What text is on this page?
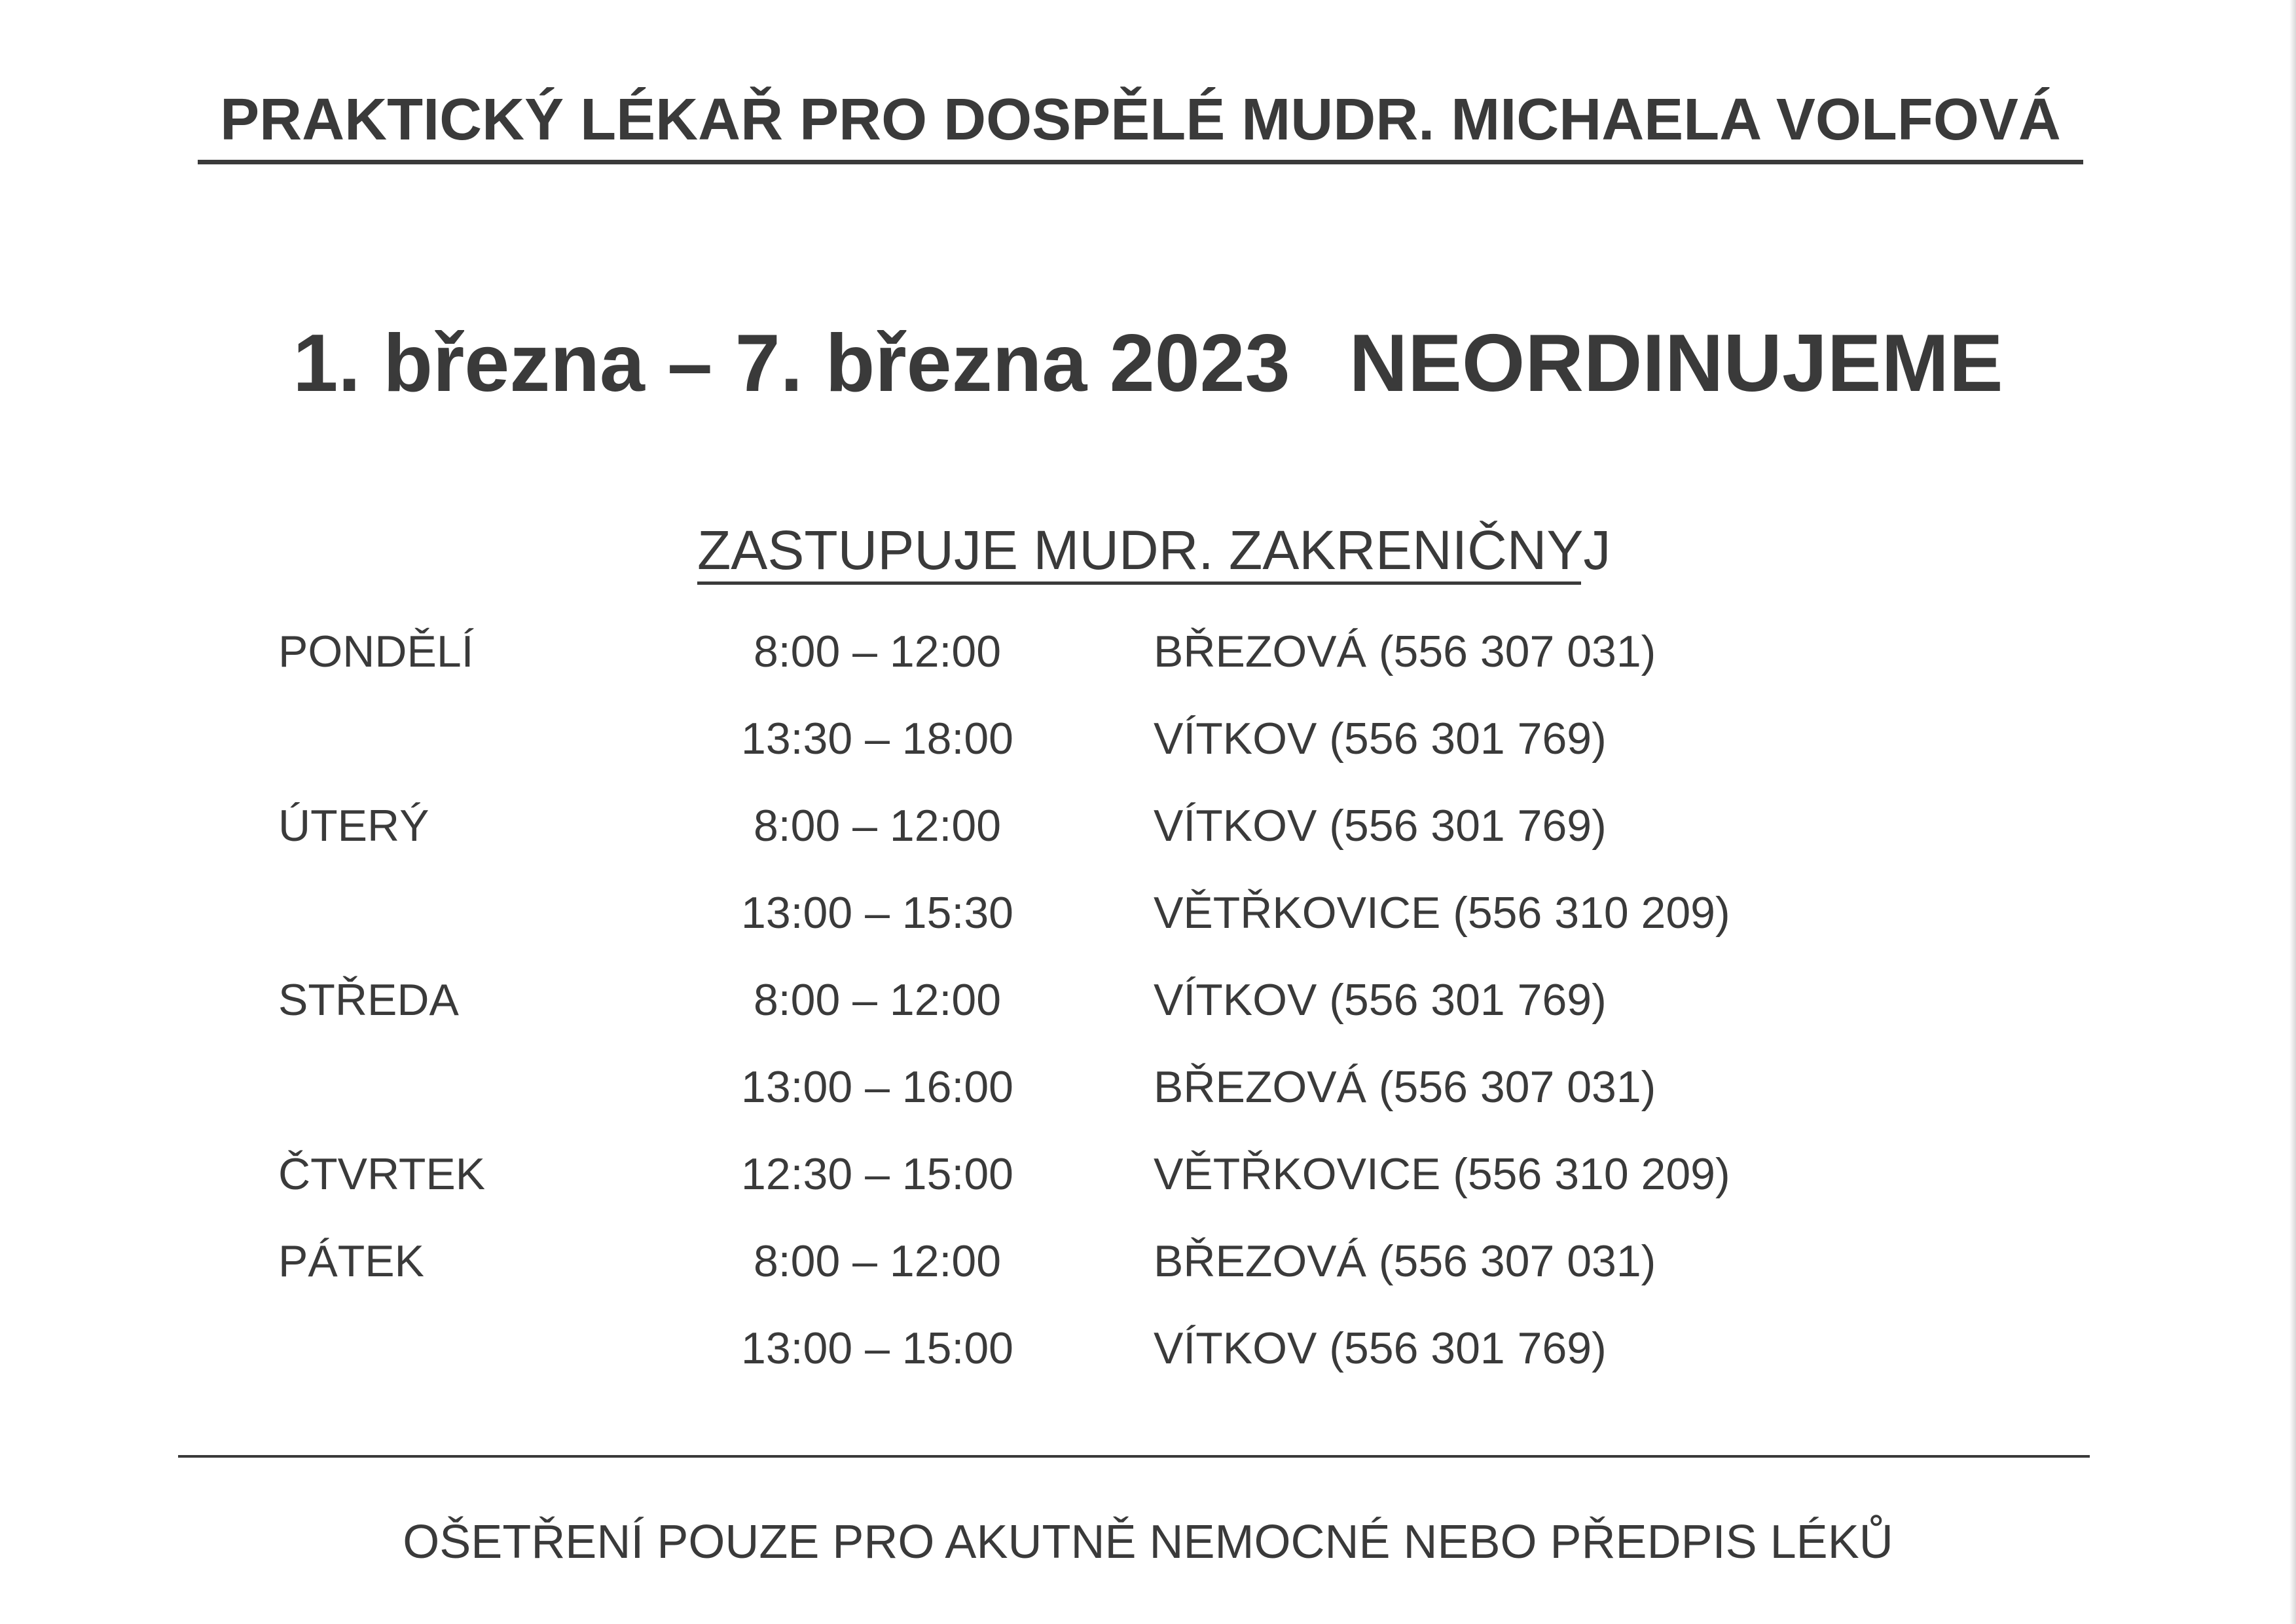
PRAKTICKÝ LÉKAŘ PRO DOSPĚLÉ MUDR. MICHAELA VOLFOVÁ
1. března – 7. března 2023 NEORDINUJEME
ZASTUPUJE MUDR. ZAKRENIČNYJ
PONDĚLÍ	8:00 – 12:00	BŘEZOVÁ (556 307 031)
13:30 – 18:00	VÍTKOV (556 301 769)
ÚTERÝ	8:00 – 12:00	VÍTKOV (556 301 769)
13:00 – 15:30	VĚTŘKOVICE (556 310 209)
STŘEDA	8:00 – 12:00	VÍTKOV (556 301 769)
13:00 – 16:00	BŘEZOVÁ (556 307 031)
ČTVRTEK	12:30 – 15:00	VĚTŘKOVICE (556 310 209)
PÁTEK	8:00 – 12:00	BŘEZOVÁ (556 307 031)
13:00 – 15:00	VÍTKOV (556 301 769)
OŠETŘENÍ POUZE PRO AKUTNĚ NEMOCNÉ NEBO PŘEDPIS LÉKŮ
